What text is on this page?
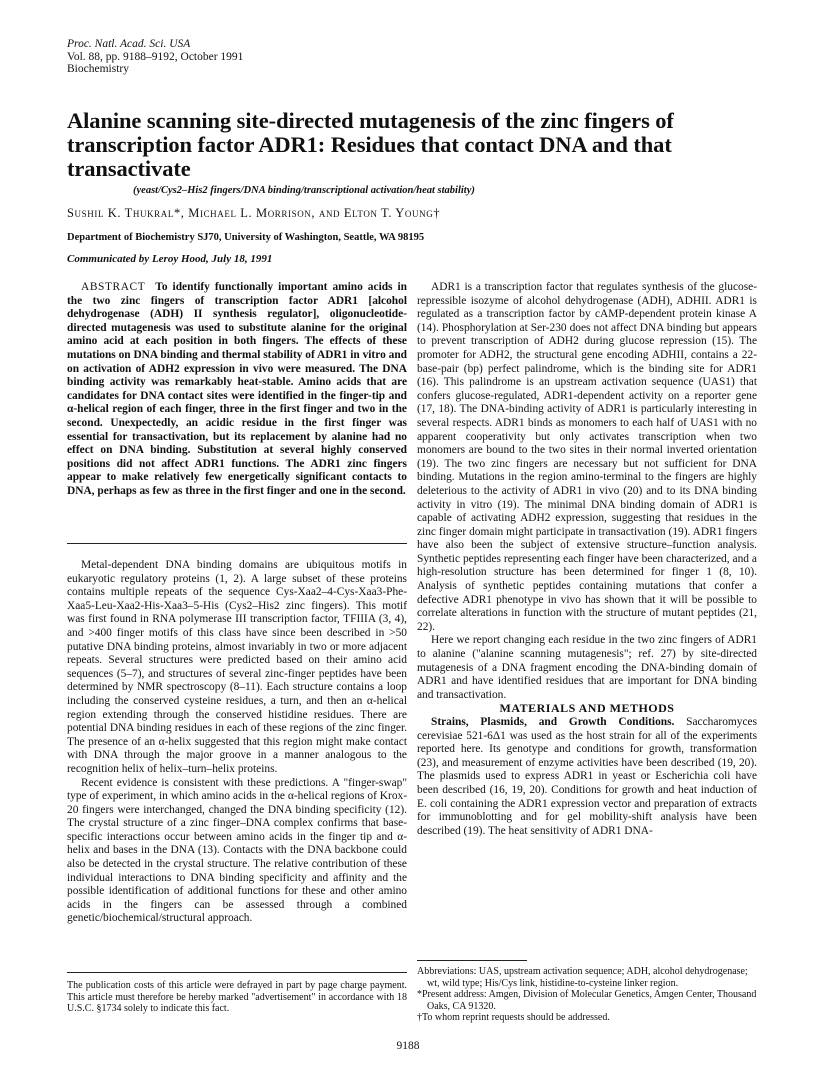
Proc. Natl. Acad. Sci. USA
Vol. 88, pp. 9188–9192, October 1991
Biochemistry
Alanine scanning site-directed mutagenesis of the zinc fingers of transcription factor ADR1: Residues that contact DNA and that transactivate
(yeast/Cys2–His2 fingers/DNA binding/transcriptional activation/heat stability)
Sushil K. Thukral*, Michael L. Morrison, and Elton T. Young†
Department of Biochemistry SJ70, University of Washington, Seattle, WA 98195
Communicated by Leroy Hood, July 18, 1991

ABSTRACT To identify functionally important amino acids in the two zinc fingers of transcription factor ADR1 [alcohol dehydrogenase (ADH) II synthesis regulator], oligonucleotide-directed mutagenesis was used to substitute alanine for the original amino acid at each position in both fingers. The effects of these mutations on DNA binding and thermal stability of ADR1 in vitro and on activation of ADH2 expression in vivo were measured. The DNA binding activity was remarkably heat-stable. Amino acids that are candidates for DNA contact sites were identified in the finger-tip and α-helical region of each finger, three in the first finger and two in the second. Unexpectedly, an acidic residue in the first finger was essential for transactivation, but its replacement by alanine had no effect on DNA binding. Substitution at several highly conserved positions did not affect ADR1 functions. The ADR1 zinc fingers appear to make relatively few energetically significant contacts to DNA, perhaps as few as three in the first finger and one in the second.

Metal-dependent DNA binding domains are ubiquitous motifs in eukaryotic regulatory proteins (1, 2). A large subset of these proteins contains multiple repeats of the sequence Cys-Xaa2–4-Cys-Xaa3-Phe-Xaa5-Leu-Xaa2-His-Xaa3–5-His (Cys2–His2 zinc fingers). This motif was first found in RNA polymerase III transcription factor, TFIIIA (3, 4), and >400 finger motifs of this class have since been described in >50 putative DNA binding proteins, almost invariably in two or more adjacent repeats. Several structures were predicted based on their amino acid sequences (5–7), and structures of several zinc-finger peptides have been determined by NMR spectroscopy (8–11). Each structure contains a loop including the conserved cysteine residues, a turn, and then an α-helical region extending through the conserved histidine residues. There are potential DNA binding residues in each of these regions of the zinc finger. The presence of an α-helix suggested that this region might make contact with DNA through the major groove in a manner analogous to the recognition helix of helix–turn–helix proteins.

Recent evidence is consistent with these predictions. A "finger-swap" type of experiment, in which amino acids in the α-helical regions of Krox-20 fingers were interchanged, changed the DNA binding specificity (12). The crystal structure of a zinc finger–DNA complex confirms that base-specific interactions occur between amino acids in the finger tip and α-helix and bases in the DNA (13). Contacts with the DNA backbone could also be detected in the crystal structure. The relative contribution of these individual interactions to DNA binding specificity and affinity and the possible identification of additional functions for these and other amino acids in the fingers can be assessed through a combined genetic/biochemical/structural approach.

ADR1 is a transcription factor that regulates synthesis of the glucose-repressible isozyme of alcohol dehydrogenase (ADH), ADHII. ADR1 is regulated as a transcription factor by cAMP-dependent protein kinase A (14). Phosphorylation at Ser-230 does not affect DNA binding but appears to prevent transcription of ADH2 during glucose repression (15). The promoter for ADH2, the structural gene encoding ADHII, contains a 22-base-pair (bp) perfect palindrome, which is the binding site for ADR1 (16). This palindrome is an upstream activation sequence (UAS1) that confers glucose-regulated, ADR1-dependent activity on a reporter gene (17, 18). The DNA-binding activity of ADR1 is particularly interesting in several respects. ADR1 binds as monomers to each half of UAS1 with no apparent cooperativity but only activates transcription when two monomers are bound to the two sites in their normal inverted orientation (19). The two zinc fingers are necessary but not sufficient for DNA binding. Mutations in the region amino-terminal to the fingers are highly deleterious to the activity of ADR1 in vivo (20) and to its DNA binding activity in vitro (19). The minimal DNA binding domain of ADR1 is capable of activating ADH2 expression, suggesting that residues in the zinc finger domain might participate in transactivation (19). ADR1 fingers have also been the subject of extensive structure–function analysis. Synthetic peptides representing each finger have been characterized, and a high-resolution structure has been determined for finger 1 (8, 10). Analysis of synthetic peptides containing mutations that confer a defective ADR1 phenotype in vivo has shown that it will be possible to correlate alterations in function with the structure of mutant peptides (21, 22).

Here we report changing each residue in the two zinc fingers of ADR1 to alanine ("alanine scanning mutagenesis"; ref. 27) by site-directed mutagenesis of a DNA fragment encoding the DNA-binding domain of ADR1 and have identified residues that are important for DNA binding and transactivation.

MATERIALS AND METHODS

Strains, Plasmids, and Growth Conditions. Saccharomyces cerevisiae 521-6Δ1 was used as the host strain for all of the experiments reported here. Its genotype and conditions for growth, transformation (23), and measurement of enzyme activities have been described (19, 20). The plasmids used to express ADR1 in yeast or Escherichia coli have been described (16, 19, 20). Conditions for growth and heat induction of E. coli containing the ADR1 expression vector and preparation of extracts for immunoblotting and for gel mobility-shift analysis have been described (19). The heat sensitivity of ADR1 DNA-

The publication costs of this article were defrayed in part by page charge payment. This article must therefore be hereby marked "advertisement" in accordance with 18 U.S.C. §1734 solely to indicate this fact.

Abbreviations: UAS, upstream activation sequence; ADH, alcohol dehydrogenase; wt, wild type; His/Cys link, histidine-to-cysteine linker region.

*Present address: Amgen, Division of Molecular Genetics, Amgen Center, Thousand Oaks, CA 91320.

†To whom reprint requests should be addressed.

9188
